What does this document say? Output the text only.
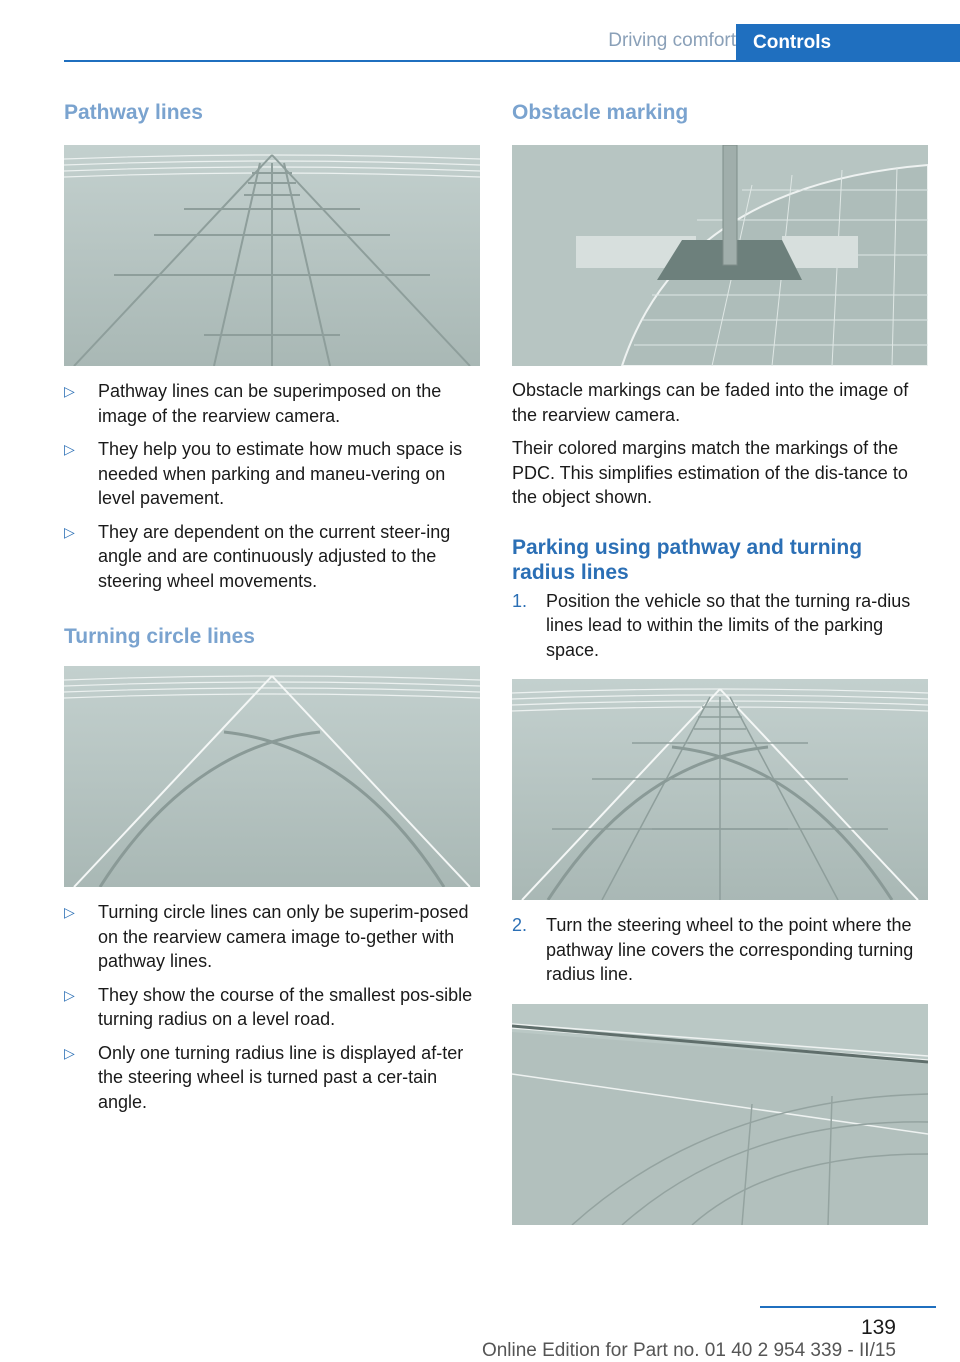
Driving comfort Controls
Pathway lines
▷ Pathway lines can be superimposed on the image of the rearview camera.
▷ They help you to estimate how much space is needed when parking and maneu-vering on level pavement.
▷ They are dependent on the current steer-ing angle and are continuously adjusted to the steering wheel movements.
Turning circle lines
▷ Turning circle lines can only be superim-posed on the rearview camera image to-gether with pathway lines.
▷ They show the course of the smallest pos-sible turning radius on a level road.
▷ Only one turning radius line is displayed af-ter the steering wheel is turned past a cer-tain angle.
Obstacle marking

Obstacle markings can be faded into the image of the rearview camera.

Their colored margins match the markings of the PDC. This simplifies estimation of the dis-tance to the object shown.

Parking using pathway and turning radius lines
1. Position the vehicle so that the turning ra-dius lines lead to within the limits of the parking space.
2. Turn the steering wheel to the point where the pathway line covers the corresponding turning radius line.
139
Online Edition for Part no. 01 40 2 954 339 - II/15
